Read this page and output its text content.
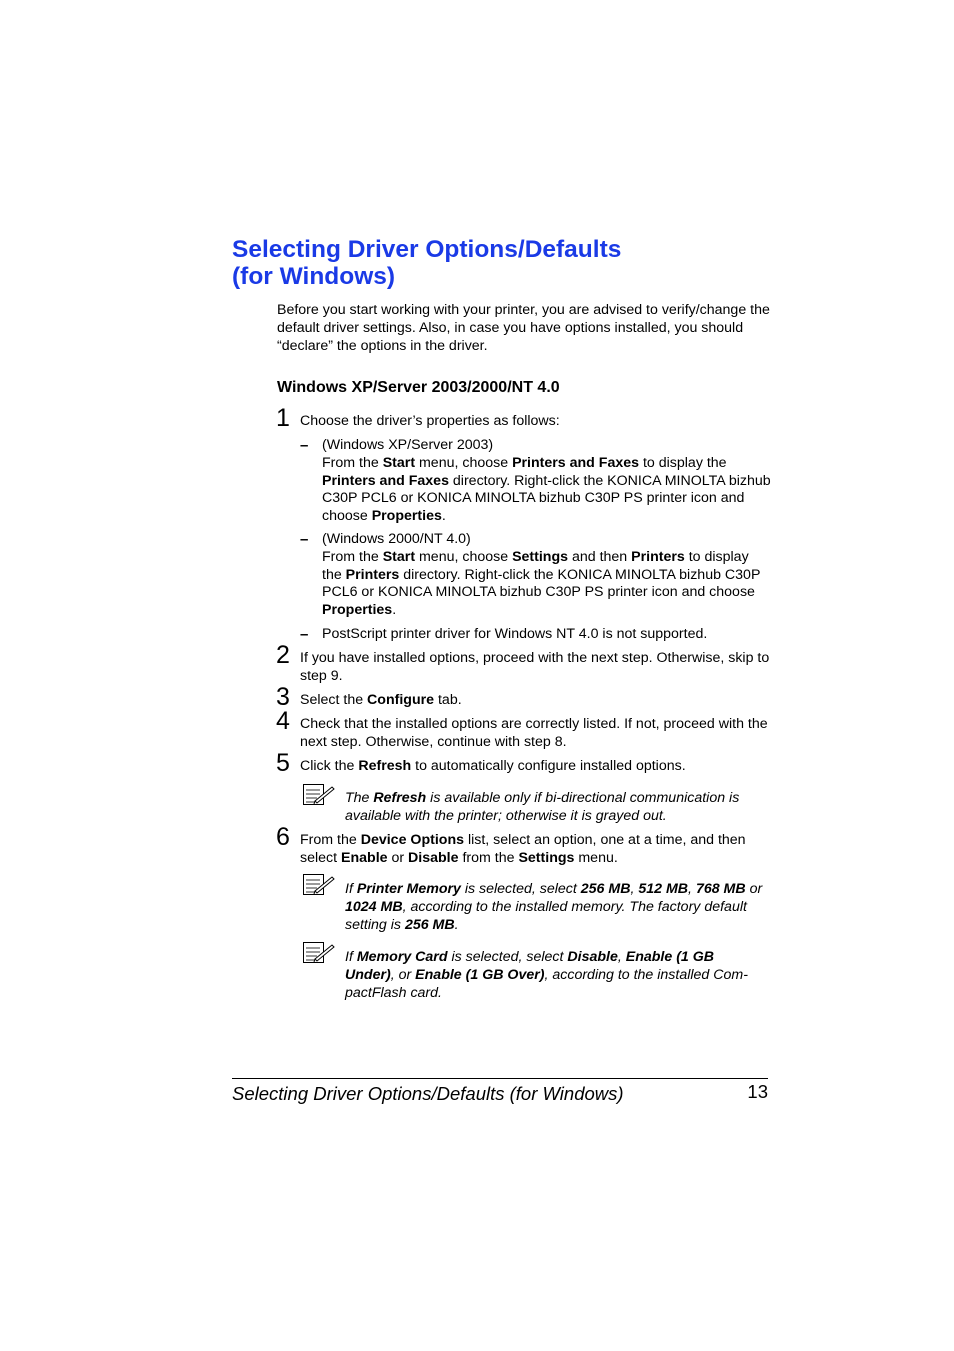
Selecting Driver Options/Defaults
(for Windows)

Before you start working with your printer, you are advised to verify/change the default driver settings. Also, in case you have options installed, you should “declare” the options in the driver.

Windows XP/Server 2003/2000/NT 4.0
1 Choose the driver’s properties as follows:
– (Windows XP/Server 2003)
From the Start menu, choose Printers and Faxes to display the Printers and Faxes directory. Right-click the KONICA MINOLTA bizhub C30P PCL6 or KONICA MINOLTA bizhub C30P PS printer icon and choose Properties.
– (Windows 2000/NT 4.0)
From the Start menu, choose Settings and then Printers to display the Printers directory. Right-click the KONICA MINOLTA bizhub C30P PCL6 or KONICA MINOLTA bizhub C30P PS printer icon and choose Properties.
– PostScript printer driver for Windows NT 4.0 is not supported.
2 If you have installed options, proceed with the next step. Otherwise, skip to step 9.
3 Select the Configure tab.
4 Check that the installed options are correctly listed. If not, proceed with the next step. Otherwise, continue with step 8.
5 Click the Refresh to automatically configure installed options.
The Refresh is available only if bi-directional communication is available with the printer; otherwise it is grayed out.
6 From the Device Options list, select an option, one at a time, and then select Enable or Disable from the Settings menu.
If Printer Memory is selected, select 256 MB, 512 MB, 768 MB or 1024 MB, according to the installed memory. The factory default setting is 256 MB.
If Memory Card is selected, select Disable, Enable (1 GB Under), or Enable (1 GB Over), according to the installed Com-pactFlash card.
Selecting Driver Options/Defaults (for Windows)	13
